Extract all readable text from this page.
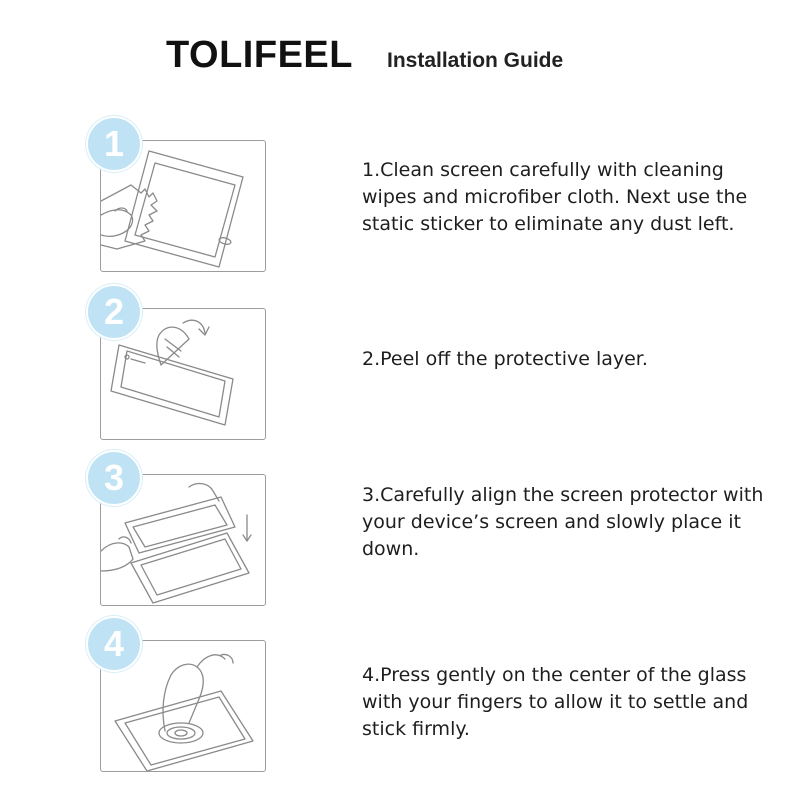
TOLIFEEL Installation Guide
1
1.Clean screen carefully with cleaning wipes and microfiber cloth. Next use the static sticker to eliminate any dust left.
2
2.Peel off the protective layer.
3	3.Carefully align the screen protector with your device’s screen and slowly place it down.
4
4.Press gently on the center of the glass with your fingers to allow it to settle and stick firmly.
